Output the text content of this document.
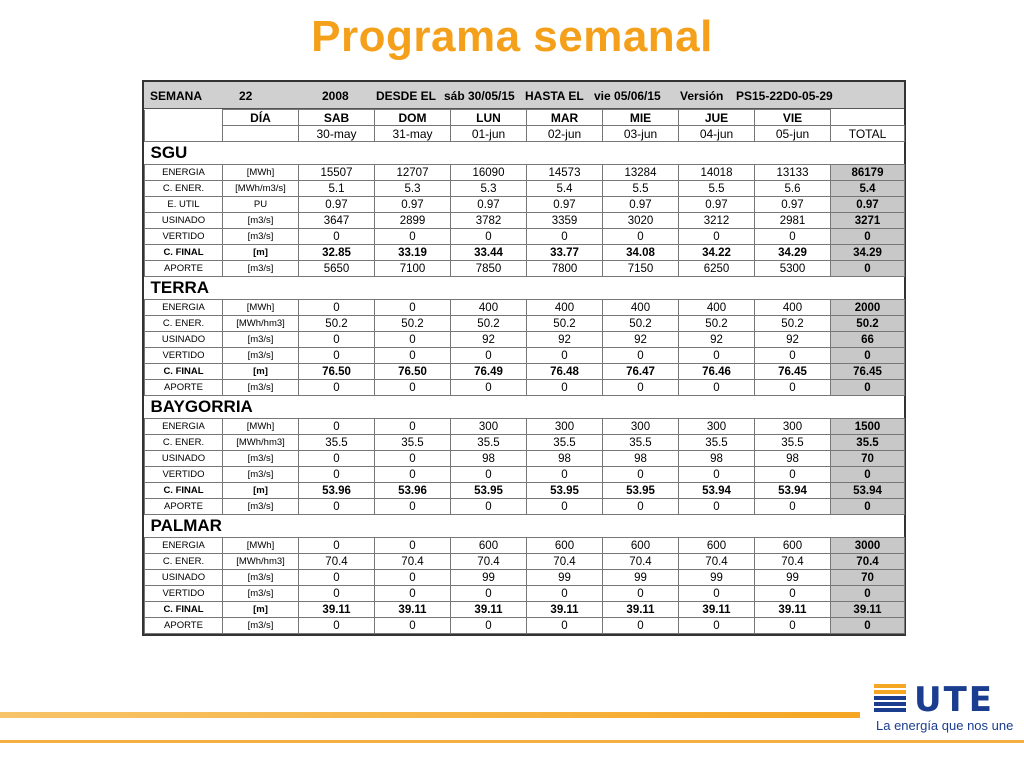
Programa semanal
SEMANA	22	2008 DESDE EL sáb 30/05/15 HASTA EL vie 05/06/15 Versión PS15-22D0-05-29
	DÍA	SAB	DOM	LUN	MAR	MIE	JUE	VIE	
		30-may	31-may	01-jun	02-jun	03-jun	04-jun	05-jun	TOTAL
SGU									
ENERGIA	[MWh]	15507	12707	16090	14573	13284	14018	13133	86179
C. ENER.	[MWh/m3/s]	5.1	5.3	5.3	5.4	5.5	5.5	5.6	5.4
E. UTIL	PU	0.97	0.97	0.97	0.97	0.97	0.97	0.97	0.97
USINADO	[m3/s]	3647	2899	3782	3359	3020	3212	2981	3271
VERTIDO	[m3/s]	0	0	0	0	0	0	0	0
C. FINAL	[m]	32.85	33.19	33.44	33.77	34.08	34.22	34.29	34.29
APORTE	[m3/s]	5650	7100	7850	7800	7150	6250	5300	0
TERRA									
ENERGIA	[MWh]	0	0	400	400	400	400	400	2000
C. ENER.	[MWh/hm3]	50.2	50.2	50.2	50.2	50.2	50.2	50.2	50.2
USINADO	[m3/s]	0	0	92	92	92	92	92	66
VERTIDO	[m3/s]	0	0	0	0	0	0	0	0
C. FINAL	[m]	76.50	76.50	76.49	76.48	76.47	76.46	76.45	76.45
APORTE	[m3/s]	0	0	0	0	0	0	0	0
BAYGORRIA									
ENERGIA	[MWh]	0	0	300	300	300	300	300	1500
C. ENER.	[MWh/hm3]	35.5	35.5	35.5	35.5	35.5	35.5	35.5	35.5
USINADO	[m3/s]	0	0	98	98	98	98	98	70
VERTIDO	[m3/s]	0	0	0	0	0	0	0	0
C. FINAL	[m]	53.96	53.96	53.95	53.95	53.95	53.94	53.94	53.94
APORTE	[m3/s]	0	0	0	0	0	0	0	0
PALMAR									
ENERGIA	[MWh]	0	0	600	600	600	600	600	3000
C. ENER.	[MWh/hm3]	70.4	70.4	70.4	70.4	70.4	70.4	70.4	70.4
USINADO	[m3/s]	0	0	99	99	99	99	99	70
VERTIDO	[m3/s]	0	0	0	0	0	0	0	0
C. FINAL	[m]	39.11	39.11	39.11	39.11	39.11	39.11	39.11	39.11
APORTE	[m3/s]	0	0	0	0	0	0	0	0
UTE
La energía que nos une
